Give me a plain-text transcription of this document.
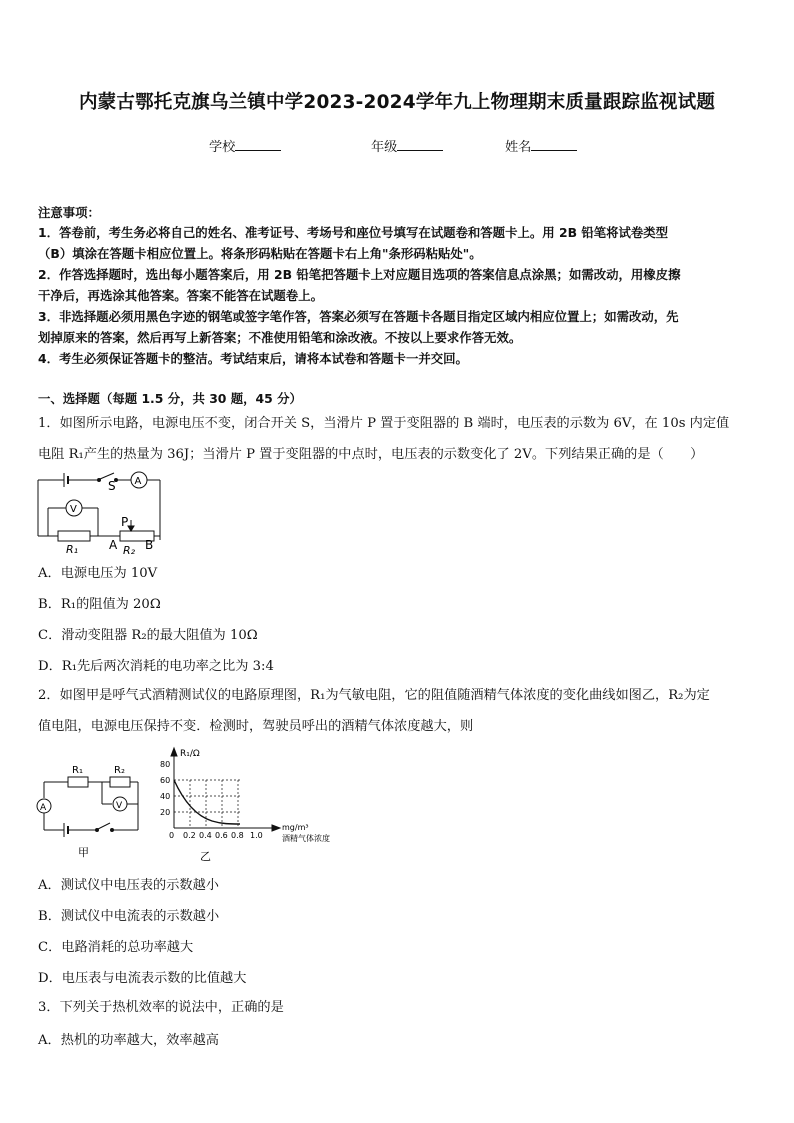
内蒙古鄂托克旗乌兰镇中学2023-2024学年九上物理期末质量跟踪监视试题
学校	年级	姓名
注意事项：
1．答卷前，考生务必将自己的姓名、准考证号、考场号和座位号填写在试题卷和答题卡上。用 2B 铅笔将试卷类型
（B）填涂在答题卡相应位置上。将条形码粘贴在答题卡右上角"条形码粘贴处"。
2．作答选择题时，选出每小题答案后，用 2B 铅笔把答题卡上对应题目选项的答案信息点涂黑；如需改动，用橡皮擦
干净后，再选涂其他答案。答案不能答在试题卷上。
3．非选择题必须用黑色字迹的钢笔或签字笔作答，答案必须写在答题卡各题目指定区域内相应位置上；如需改动，先
划掉原来的答案，然后再写上新答案；不准使用铅笔和涂改液。不按以上要求作答无效。
4．考生必须保证答题卡的整洁。考试结束后，请将本试卷和答题卡一并交回。
一、选择题（每题 1.5 分，共 30 题，45 分）
1．如图所示电路，电源电压不变，闭合开关 S，当滑片 P 置于变阻器的 B 端时，电压表的示数为 6V，在 10s 内定值
电阻 R₁产生的热量为 36J；当滑片 P 置于变阻器的中点时，电压表的示数变化了 2V。下列结果正确的是（　　）
S A
V
P
R₁	A R₂ B
A．电源电压为 10V
B．R₁的阻值为 20Ω
C．滑动变阻器 R₂的最大阻值为 10Ω
D．R₁先后两次消耗的电功率之比为 3:4
2．如图甲是呼气式酒精测试仪的电路原理图，R₁为气敏电阻，它的阻值随酒精气体浓度的变化曲线如图乙，R₂为定
值电阻，电源电压保持不变．检测时，驾驶员呼出的酒精气体浓度越大，则
R₁	R₂
A	V
甲
R₁/Ω
80
60
40
20
0 0.2 0.4 0.6 0.8 1.0
mg/m³
酒精气体浓度
乙
A．测试仪中电压表的示数越小
B．测试仪中电流表的示数越小
C．电路消耗的总功率越大
D．电压表与电流表示数的比值越大
3．下列关于热机效率的说法中，正确的是
A．热机的功率越大，效率越高
